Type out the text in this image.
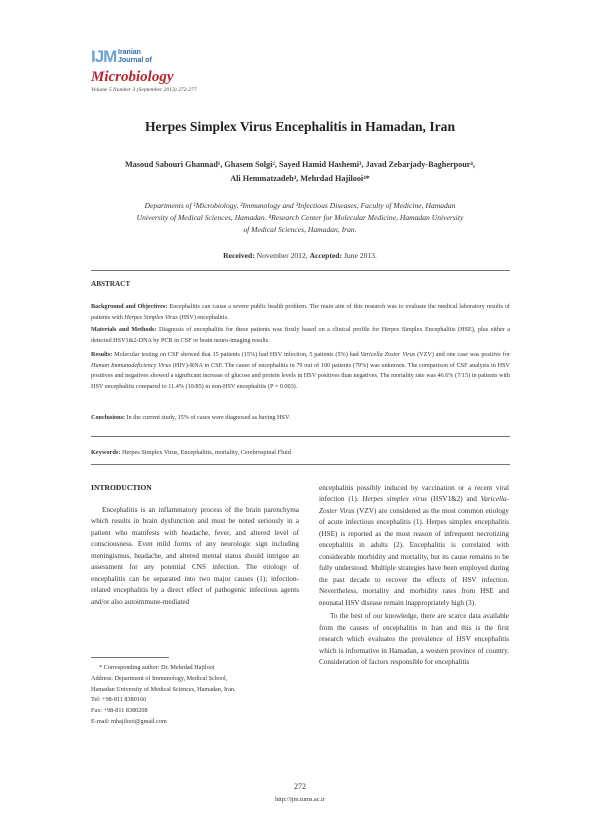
IJM Iranian
Journal of
Microbiology
Volume 5 Number 3 (September 2013) 272-277
Herpes Simplex Virus Encephalitis in Hamadan, Iran
Masoud Sabouri Ghannad¹, Ghasem Solgi², Sayed Hamid Hashemi³, Javad Zebarjady-Bagherpour⁴,
Ali Hemmatzadeh⁴, Mehrdad Hajilooi⁴*
Departments of ¹Microbiology, ²Immunology and ³Infectious Diseases, Faculty of Medicine, Hamadan
University of Medical Sciences, Hamadan. ⁴Research Center for Molecular Medicine, Hamadan University
of Medical Sciences, Hamadan, Iran.
Received: November 2012, Accepted: June 2013.
ABSTRACT
Background and Objectives: Encephalitis can cause a severe public health problem. The main aim of this research was to evaluate the medical laboratory results of patients with Herpes Simplex Virus (HSV) encephalitis.
Materials and Methods: Diagnosis of encephalitis for these patients was firstly based on a clinical profile for Herpes Simplex Encephalitis (HSE), plus either a detected HSV1&2-DNA by PCR in CSF or brain neuro-imaging results.
Results: Molecular testing on CSF showed that 15 patients (15%) had HSV infection, 5 patients (5%) had Varicella Zoster Virus (VZV) and one case was positive for Human Immunodeficiency Virus (HIV)-RNA in CSF. The cause of encephalitis in 79 out of 100 patients (79%) was unknown. The comparison of CSF analysis in HSV positives and negatives showed a significant increase of glucose and protein levels in HSV positives than negatives. The mortality rate was 46.6% (7/15) in patients with HSV encephalitis compared to 11.4% (10/85) in non-HSV encephalitis (P = 0.003).
Conclusions: In the current study, 15% of cases were diagnosed as having HSV.
Keywords: Herpes Simplex Virus, Encephalitis, mortality, Cerebrospinal Fluid
INTRODUCTION

Encephalitis is an inflammatory process of the brain parenchyma which results in brain dysfunction and must be noted seriously in a patient who manifests with headache, fever, and altered level of consciousness. Even mild forms of any neurologic sign including meningismus, headache, and altered mental status should intrigue an assessment for any potential CNS infection. The etiology of encephalitis can be separated into two major causes (1); infection-related encephalitis by a direct effect of pathogenic infectious agents and/or also autoimmune-mediated

encephalitis possibly induced by vaccination or a recent viral infection (1). Herpes simplex virus (HSV1&2) and Varicella-Zoster Virus (VZV) are considered as the most common etiology of acute infectious encephalitis (1). Herpes simplex encephalitis (HSE) is reported as the most reason of infrequent necrotizing encephalitis in adults (2). Encephalitis is correlated with considerable morbidity and mortality, but its cause remains to be fully understood. Multiple strategies have been employed during the past decade to recover the effects of HSV infection. Nevertheless, mortality and morbidity rates from HSE and neonatal HSV disease remain inappropriately high (3).

To the best of our knowledge, there are scarce data available from the causes of encephalitis in Iran and this is the first research which evaluates the prevalence of HSV encephalitis which is informative in Hamadan, a western province of country. Consideration of factors responsible for encephalitis

* Corresponding author: Dr. Mehrdad Hajilooi
Address: Department of Immunology, Medical School,
Hamadan University of Medical Sciences, Hamadan, Iran.
Tel: +98-811 8380160
Fax: +98-811 8380208
E-mail: mhajilooi@gmail.com
272
http://ijm.tums.ac.ir
